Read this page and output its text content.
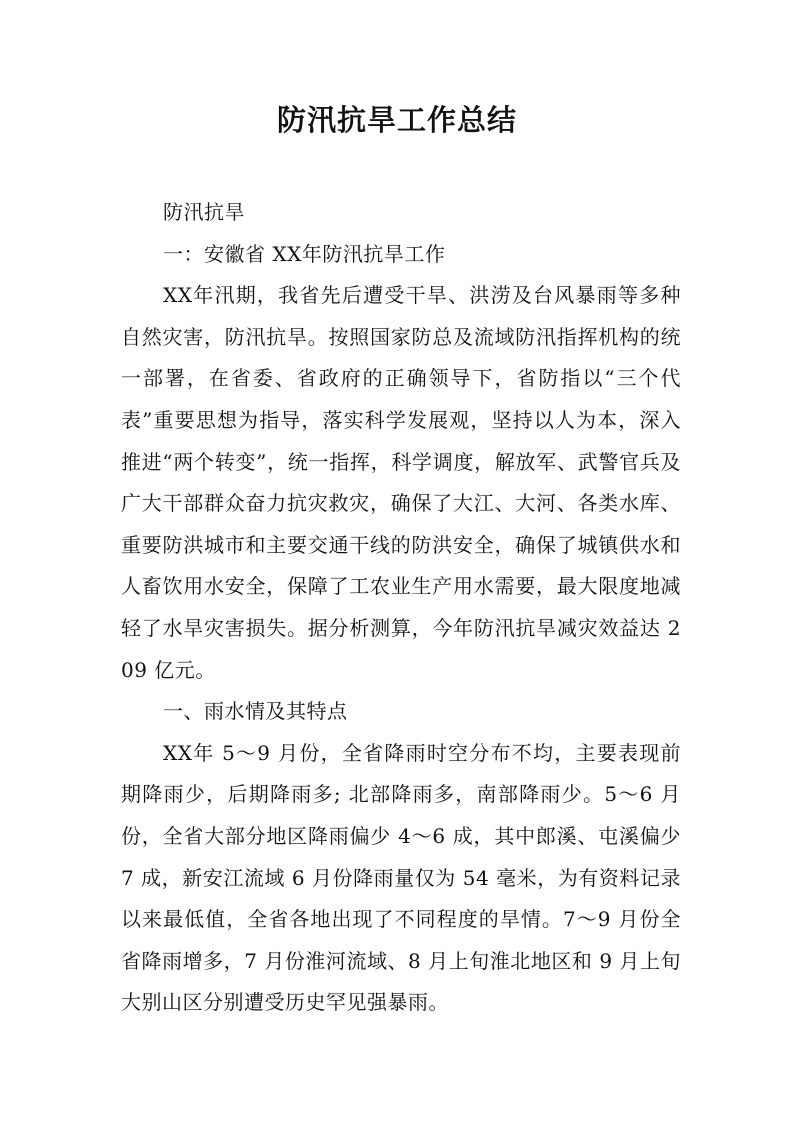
防汛抗旱工作总结

防汛抗旱

一：安徽省 XX年防汛抗旱工作

XX年汛期，我省先后遭受干旱、洪涝及台风暴雨等多种自然灾害，防汛抗旱。按照国家防总及流域防汛指挥机构的统一部署，在省委、省政府的正确领导下，省防指以“三个代表”重要思想为指导，落实科学发展观，坚持以人为本，深入推进“两个转变”，统一指挥，科学调度，解放军、武警官兵及广大干部群众奋力抗灾救灾，确保了大江、大河、各类水库、重要防洪城市和主要交通干线的防洪安全，确保了城镇供水和人畜饮用水安全，保障了工农业生产用水需要，最大限度地减轻了水旱灾害损失。据分析测算，今年防汛抗旱减灾效益达 209 亿元。

一、雨水情及其特点

XX年 5～9 月份，全省降雨时空分布不均，主要表现前期降雨少，后期降雨多; 北部降雨多，南部降雨少。5～6 月份，全省大部分地区降雨偏少 4～6 成，其中郎溪、屯溪偏少 7 成，新安江流域 6 月份降雨量仅为 54 毫米，为有资料记录以来最低值，全省各地出现了不同程度的旱情。7～9 月份全省降雨增多，7 月份淮河流域、8 月上旬淮北地区和 9 月上旬大别山区分别遭受历史罕见强暴雨。
